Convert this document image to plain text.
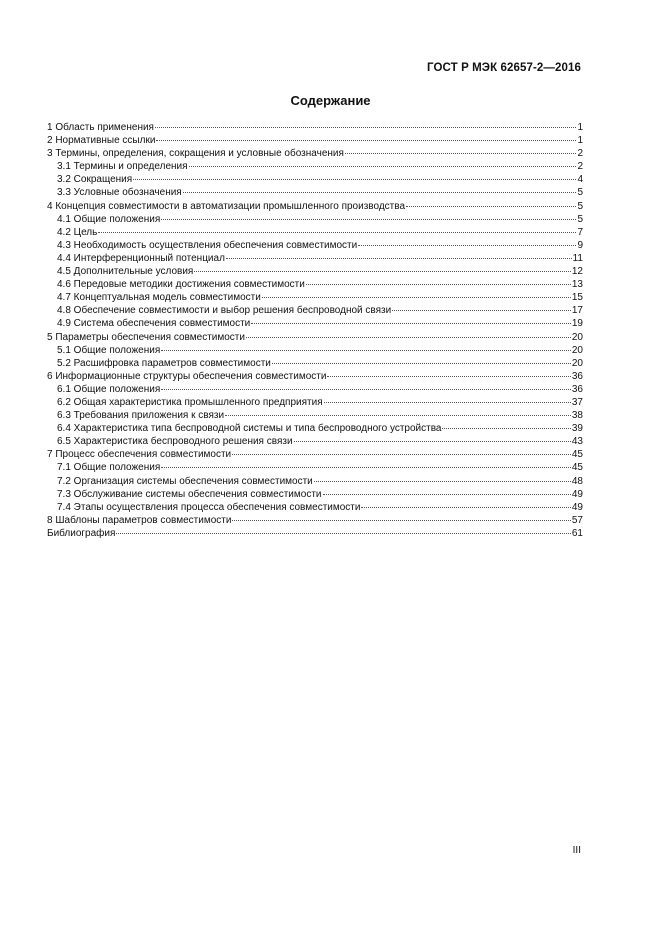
ГОСТ Р МЭК 62657-2—2016
Содержание
1 Область применения	1
2 Нормативные ссылки	1
3 Термины, определения, сокращения и условные обозначения	2
3.1 Термины и определения	2
3.2 Сокращения	4
3.3 Условные обозначения	5
4 Концепция совместимости в автоматизации промышленного производства	5
4.1 Общие положения	5
4.2 Цель	7
4.3 Необходимость осуществления обеспечения совместимости	9
4.4 Интерференционный потенциал	11
4.5 Дополнительные условия	12
4.6 Передовые методики достижения совместимости	13
4.7 Концептуальная модель совместимости	15
4.8 Обеспечение совместимости и выбор решения беспроводной связи	17
4.9 Система обеспечения совместимости	19
5 Параметры обеспечения совместимости	20
5.1 Общие положения	20
5.2 Расшифровка параметров совместимости	20
6 Информационные структуры обеспечения совместимости	36
6.1 Общие положения	36
6.2 Общая характеристика промышленного предприятия	37
6.3 Требования приложения к связи	38
6.4 Характеристика типа беспроводной системы и типа беспроводного устройства	39
6.5 Характеристика беспроводного решения связи	43
7 Процесс обеспечения совместимости	45
7.1 Общие положения	45
7.2 Организация системы обеспечения совместимости	48
7.3 Обслуживание системы обеспечения совместимости	49
7.4 Этапы осуществления процесса обеспечения совместимости	49
8 Шаблоны параметров совместимости	57
Библиография	61
III
